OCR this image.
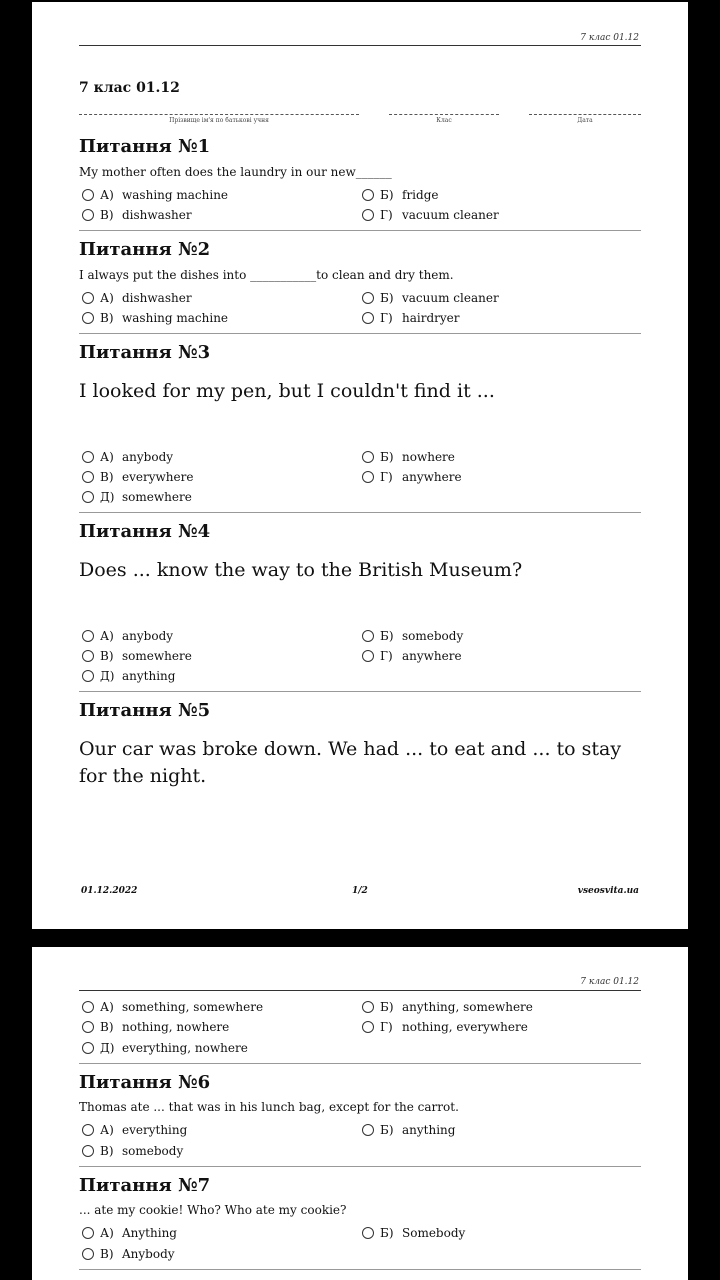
7 клас 01.12
7 клас 01.12
Прізвище ім'я по батькові учня	Клас	Дата
Питання №1
My mother often does the laundry in our new______
А) washing machine	Б) fridge
В) dishwasher	Г) vacuum cleaner
Питання №2
I always put the dishes into ___________to clean and dry them.
А) dishwasher	Б) vacuum cleaner
В) washing machine	Г) hairdryer
Питання №3
I looked for my pen, but I couldn't find it ...
А) anybody	Б) nowhere
В) everywhere	Г) anywhere
Д) somewhere
Питання №4
Does ... know the way to the British Museum?
А) anybody	Б) somebody
В) somewhere	Г) anywhere
Д) anything
Питання №5
Our car was broke down. We had ... to eat and ... to stay for the night.
01.12.2022	1/2	vseosvita.ua
7 клас 01.12
А) something, somewhere	Б) anything, somewhere
В) nothing, nowhere	Г) nothing, everywhere
Д) everything, nowhere
Питання №6
Thomas ate ... that was in his lunch bag, except for the carrot.
А) everything	Б) anything
В) somebody
Питання №7
... ate my cookie! Who? Who ate my cookie?
А) Anything	Б) Somebody
В) Anybody
